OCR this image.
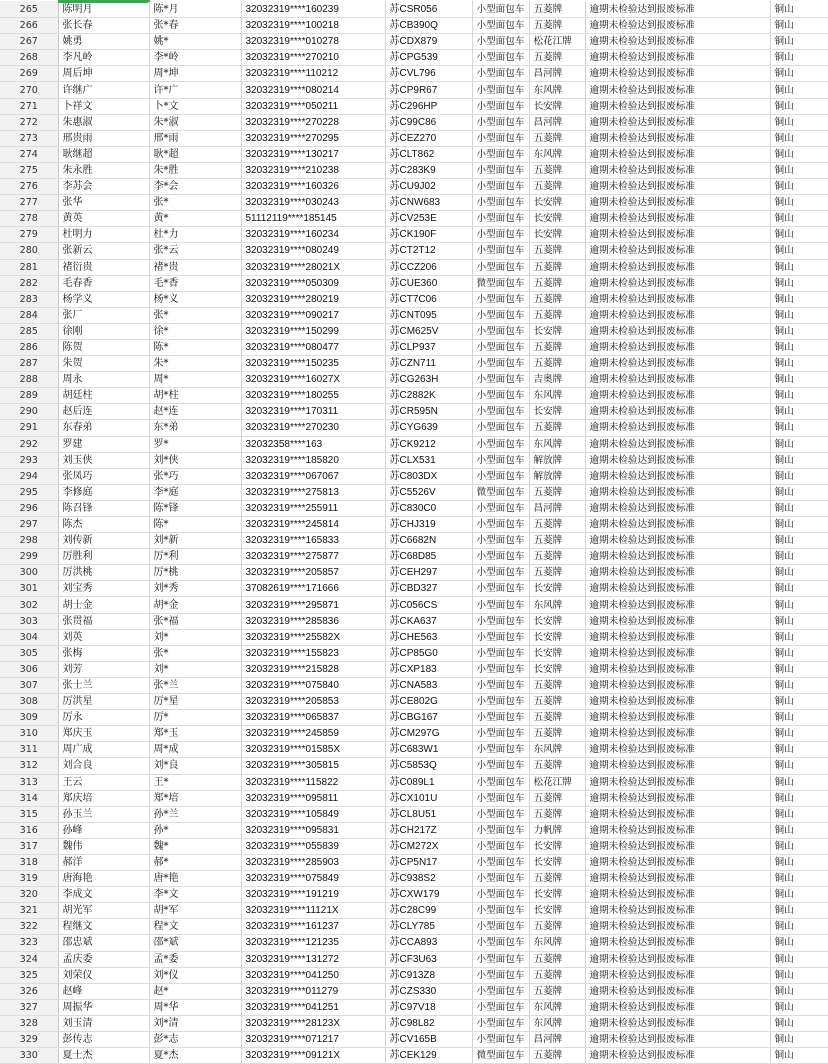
265	陈明月	陈*月	32032319****160239	苏CSR056	小型面包车	五菱牌	逾期未检验达到报废标准	铜山
266	张长春	张*春	32032319****100218	苏CB390Q	小型面包车	五菱牌	逾期未检验达到报废标准	铜山
267	姚勇	姚*	32032319****010278	苏CDX879	小型面包车	松花江牌	逾期未检验达到报废标准	铜山
268	李凡岭	李*岭	32032319****270210	苏CPG539	小型面包车	五菱牌	逾期未检验达到报废标准	铜山
269	周后坤	周*坤	32032319****110212	苏CVL796	小型面包车	昌河牌	逾期未检验达到报废标准	铜山
270	许继广	许*广	32032319****080214	苏CP9R67	小型面包车	东风牌	逾期未检验达到报废标准	铜山
271	卜祥文	卜*文	32032319****050211	苏C296HP	小型面包车	长安牌	逾期未检验达到报废标准	铜山
272	朱惠淑	朱*淑	32032319****270228	苏C99C86	小型面包车	昌河牌	逾期未检验达到报废标准	铜山
273	邢贵雨	邢*雨	32032319****270295	苏CEZ270	小型面包车	五菱牌	逾期未检验达到报废标准	铜山
274	耿继超	耿*超	32032319****130217	苏CLT862	小型面包车	东风牌	逾期未检验达到报废标准	铜山
275	朱永胜	朱*胜	32032319****210238	苏C283K9	小型面包车	五菱牌	逾期未检验达到报废标准	铜山
276	李苏会	李*会	32032319****160326	苏CU9J02	小型面包车	五菱牌	逾期未检验达到报废标准	铜山
277	张华	张*	32032319****030243	苏CNW683	小型面包车	长安牌	逾期未检验达到报废标准	铜山
278	黄英	黄*	51112119****185145	苏CV253E	小型面包车	长安牌	逾期未检验达到报废标准	铜山
279	杜明力	杜*力	32032319****160234	苏CK190F	小型面包车	长安牌	逾期未检验达到报废标准	铜山
280	张新云	张*云	32032319****080249	苏CT2T12	小型面包车	五菱牌	逾期未检验达到报废标准	铜山
281	褚衍贵	褚*贵	32032319****28021X	苏CCZ206	小型面包车	五菱牌	逾期未检验达到报废标准	铜山
282	毛春香	毛*香	32032319****050309	苏CUE360	微型面包车	五菱牌	逾期未检验达到报废标准	铜山
283	杨学义	杨*义	32032319****280219	苏CT7C06	小型面包车	五菱牌	逾期未检验达到报废标准	铜山
284	张厂	张*	32032319****090217	苏CNT095	小型面包车	五菱牌	逾期未检验达到报废标准	铜山
285	徐刚	徐*	32032319****150299	苏CM625V	小型面包车	长安牌	逾期未检验达到报废标准	铜山
286	陈贺	陈*	32032319****080477	苏CLP937	小型面包车	五菱牌	逾期未检验达到报废标准	铜山
287	朱贺	朱*	32032319****150235	苏CZN711	小型面包车	五菱牌	逾期未检验达到报废标准	铜山
288	周永	周*	32032319****16027X	苏CG263H	小型面包车	吉奥牌	逾期未检验达到报废标准	铜山
289	胡廷柱	胡*柱	32032319****180255	苏C2882K	小型面包车	东风牌	逾期未检验达到报废标准	铜山
290	赵后连	赵*连	32032319****170311	苏CR595N	小型面包车	长安牌	逾期未检验达到报废标准	铜山
291	东春弟	东*弟	32032319****270230	苏CYG639	小型面包车	五菱牌	逾期未检验达到报废标准	铜山
292	罗建	罗*	32032358****163	苏CK9212	小型面包车	东风牌	逾期未检验达到报废标准	铜山
293	刘玉侠	刘*侠	32032319****185820	苏CLX531	小型面包车	解放牌	逾期未检验达到报废标准	铜山
294	张凤巧	张*巧	32032319****067067	苏C803DX	小型面包车	解放牌	逾期未检验达到报废标准	铜山
295	李修庭	李*庭	32032319****275813	苏C5526V	微型面包车	五菱牌	逾期未检验达到报废标准	铜山
296	陈召锋	陈*锋	32032319****255911	苏C830C0	小型面包车	昌河牌	逾期未检验达到报废标准	铜山
297	陈杰	陈*	32032319****245814	苏CHJ319	小型面包车	五菱牌	逾期未检验达到报废标准	铜山
298	刘传新	刘*新	32032319****165833	苏C6682N	小型面包车	五菱牌	逾期未检验达到报废标准	铜山
299	厉胜利	厉*利	32032319****275877	苏C68D85	小型面包车	五菱牌	逾期未检验达到报废标准	铜山
300	厉洪桃	厉*桃	32032319****205857	苏CEH297	小型面包车	五菱牌	逾期未检验达到报废标准	铜山
301	刘宝秀	刘*秀	37082619****171666	苏CBD327	小型面包车	长安牌	逾期未检验达到报废标准	铜山
302	胡士金	胡*金	32032319****295871	苏C056CS	小型面包车	东风牌	逾期未检验达到报废标准	铜山
303	张贯福	张*福	32032319****285836	苏CKA637	小型面包车	长安牌	逾期未检验达到报废标准	铜山
304	刘英	刘*	32032319****25582X	苏CHE563	小型面包车	长安牌	逾期未检验达到报废标准	铜山
305	张梅	张*	32032319****155823	苏CP85G0	小型面包车	长安牌	逾期未检验达到报废标准	铜山
306	刘芳	刘*	32032319****215828	苏CXP183	小型面包车	长安牌	逾期未检验达到报废标准	铜山
307	张士兰	张*兰	32032319****075840	苏CNA583	小型面包车	五菱牌	逾期未检验达到报废标准	铜山
308	厉洪星	厉*星	32032319****205853	苏CE802G	小型面包车	五菱牌	逾期未检验达到报废标准	铜山
309	厉永	厉*	32032319****065837	苏CBG167	小型面包车	五菱牌	逾期未检验达到报废标准	铜山
310	郑庆玉	郑*玉	32032319****245859	苏CM297G	小型面包车	五菱牌	逾期未检验达到报废标准	铜山
311	周广成	周*成	32032319****01585X	苏C683W1	小型面包车	东风牌	逾期未检验达到报废标准	铜山
312	刘合良	刘*良	32032319****305815	苏C5853Q	小型面包车	五菱牌	逾期未检验达到报废标准	铜山
313	王云	王*	32032319****115822	苏C089L1	小型面包车	松花江牌	逾期未检验达到报废标准	铜山
314	郑庆培	郑*培	32032319****095811	苏CX101U	小型面包车	五菱牌	逾期未检验达到报废标准	铜山
315	孙玉兰	孙*兰	32032319****105849	苏CL8U51	小型面包车	五菱牌	逾期未检验达到报废标准	铜山
316	孙峰	孙*	32032319****095831	苏CH217Z	小型面包车	力帆牌	逾期未检验达到报废标准	铜山
317	魏伟	魏*	32032319****055839	苏CM272X	小型面包车	长安牌	逾期未检验达到报废标准	铜山
318	郝洋	郝*	32032319****285903	苏CP5N17	小型面包车	长安牌	逾期未检验达到报废标准	铜山
319	唐海艳	唐*艳	32032319****075849	苏C938S2	小型面包车	五菱牌	逾期未检验达到报废标准	铜山
320	李成文	李*文	32032319****191219	苏CXW179	小型面包车	长安牌	逾期未检验达到报废标准	铜山
321	胡光军	胡*军	32032319****11121X	苏C28C99	小型面包车	长安牌	逾期未检验达到报废标准	铜山
322	程继文	程*文	32032319****161237	苏CLY785	小型面包车	五菱牌	逾期未检验达到报废标准	铜山
323	邵忠斌	邵*斌	32032319****121235	苏CCA893	小型面包车	东风牌	逾期未检验达到报废标准	铜山
324	孟庆委	孟*委	32032319****131272	苏CF3U63	小型面包车	五菱牌	逾期未检验达到报废标准	铜山
325	刘荣仪	刘*仪	32032319****041250	苏C913Z8	小型面包车	五菱牌	逾期未检验达到报废标准	铜山
326	赵峰	赵*	32032319****011279	苏CZS330	小型面包车	五菱牌	逾期未检验达到报废标准	铜山
327	周振华	周*华	32032319****041251	苏C97V18	小型面包车	东风牌	逾期未检验达到报废标准	铜山
328	刘玉清	刘*清	32032319****28123X	苏C98L82	小型面包车	东风牌	逾期未检验达到报废标准	铜山
329	彭传志	彭*志	32032319****071217	苏CV165B	小型面包车	昌河牌	逾期未检验达到报废标准	铜山
330	夏士杰	夏*杰	32032319****09121X	苏CEK129	微型面包车	五菱牌	逾期未检验达到报废标准	铜山
